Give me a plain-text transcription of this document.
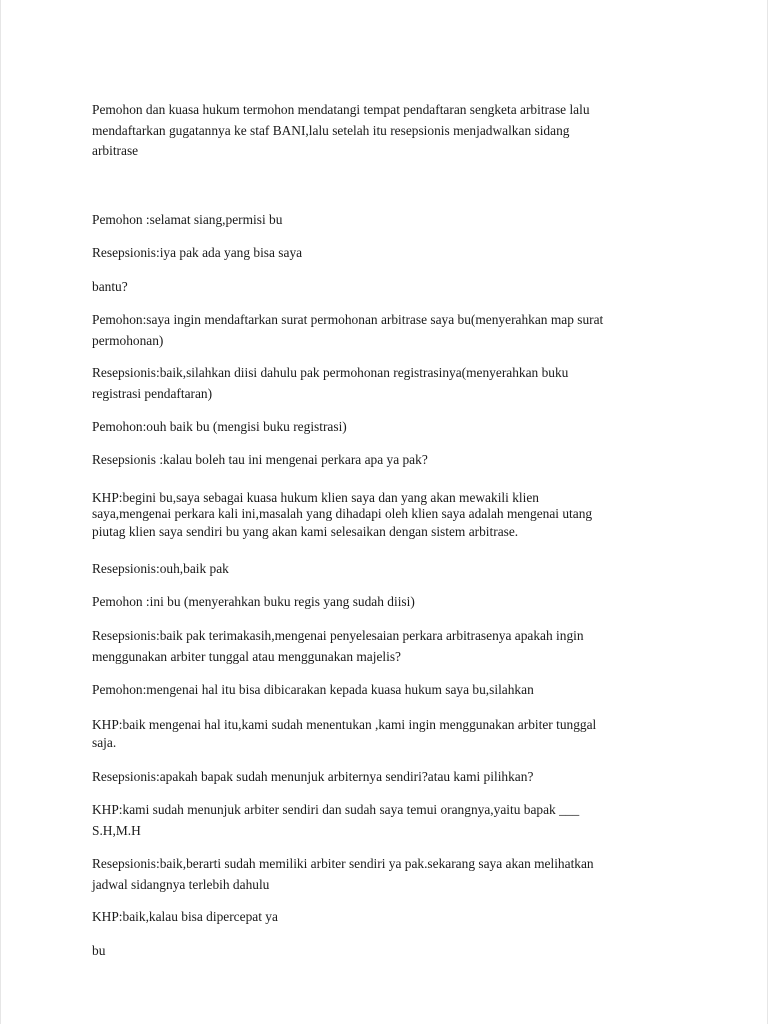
Pemohon dan kuasa hukum termohon mendatangi tempat pendaftaran sengketa arbitrase lalu
mendaftarkan gugatannya ke staf BANI,lalu setelah itu resepsionis menjadwalkan sidang
arbitrase
Pemohon :selamat siang,permisi bu
Resepsionis:iya pak ada yang bisa saya
bantu?
Pemohon:saya ingin mendaftarkan surat permohonan arbitrase saya bu(menyerahkan map surat
permohonan)
Resepsionis:baik,silahkan diisi dahulu pak permohonan registrasinya(menyerahkan buku
registrasi pendaftaran)
Pemohon:ouh baik bu (mengisi buku registrasi)
Resepsionis :kalau boleh tau ini mengenai perkara apa ya pak?
KHP:begini bu,saya sebagai kuasa hukum klien saya dan yang akan mewakili klien
saya,mengenai perkara kali ini,masalah yang dihadapi oleh klien saya adalah mengenai utang
piutag klien saya sendiri bu yang akan kami selesaikan dengan sistem arbitrase.
Resepsionis:ouh,baik pak
Pemohon :ini bu (menyerahkan buku regis yang sudah diisi)
Resepsionis:baik pak terimakasih,mengenai penyelesaian perkara arbitrasenya apakah ingin
menggunakan arbiter tunggal atau menggunakan majelis?
Pemohon:mengenai hal itu bisa dibicarakan kepada kuasa hukum saya bu,silahkan
KHP:baik mengenai hal itu,kami sudah menentukan ,kami ingin menggunakan arbiter tunggal
saja.
Resepsionis:apakah bapak sudah menunjuk arbiternya sendiri?atau kami pilihkan?
KHP:kami sudah menunjuk arbiter sendiri dan sudah saya temui orangnya,yaitu bapak ___
S.H,M.H
Resepsionis:baik,berarti sudah memiliki arbiter sendiri ya pak.sekarang saya akan melihatkan
jadwal sidangnya terlebih dahulu
KHP:baik,kalau bisa dipercepat ya
bu
